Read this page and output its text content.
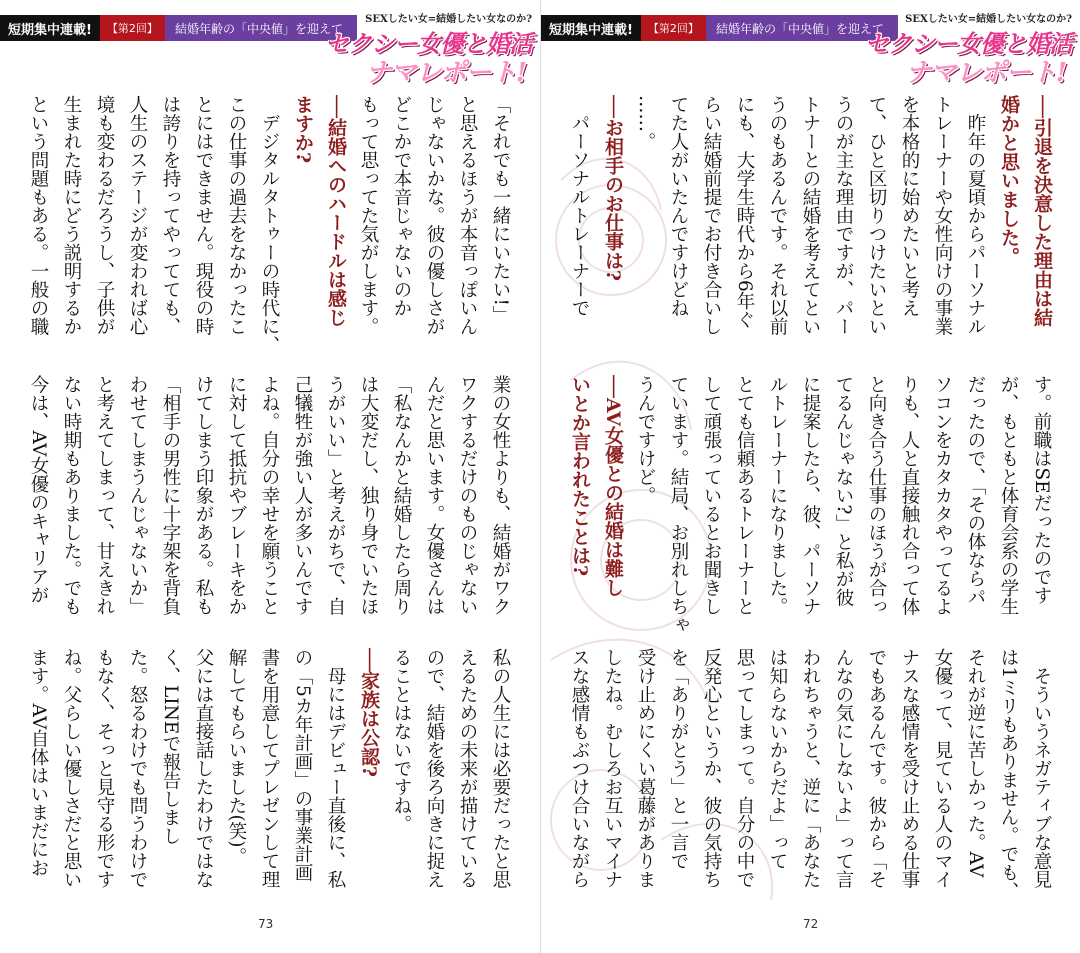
短期集中連載!	【第2回】	結婚年齢の「中央値」を迎えて
SEXしたい女=結婚したい女なのか?
セクシー女優と婚活
ナマレポート!
「それでも一緒にいたい!」
と思えるほうが本音っぽいん
じゃないかな。彼の優しさが
どこかで本音じゃないのか
もって思ってた気がします。
──結婚へのハードルは感じ
ますか?
　デジタルタトゥーの時代に、
この仕事の過去をなかったこ
とにはできません。現役の時
は誇りを持ってやってても、
人生のステージが変われば心
境も変わるだろうし、子供が
生まれた時にどう説明するか
という問題もある。一般の職
業の女性よりも、結婚がワク
ワクするだけのものじゃない
んだと思います。女優さんは
「私なんかと結婚したら周り
は大変だし、独り身でいたほ
うがいい」と考えがちで、自
己犠牲が強い人が多いんです
よね。自分の幸せを願うこと
に対して抵抗やブレーキをか
けてしまう印象がある。私も
「相手の男性に十字架を背負
わせてしまうんじゃないか」
と考えてしまって、甘えきれ
ない時期もありました。でも
今は、AV女優のキャリアが
私の人生には必要だったと思
えるための未来が描けている
ので、結婚を後ろ向きに捉え
ることはないですね。
──家族は公認?
　母にはデビュー直後に、私
の「5カ年計画」の事業計画
書を用意してプレゼンして理
解してもらいました(笑)。
父には直接話したわけではな
く、LINEで報告しまし
た。怒るわけでも問うわけで
もなく、そっと見守る形です
ね。父らしい優しさだと思い
ます。AV自体はいまだにお
73
短期集中連載!	【第2回】	結婚年齢の「中央値」を迎えて
SEXしたい女=結婚したい女なのか?
セクシー女優と婚活
ナマレポート!
──引退を決意した理由は結
婚かと思いました。
　昨年の夏頃からパーソナル
トレーナーや女性向けの事業
を本格的に始めたいと考え
て、ひと区切りつけたいとい
うのが主な理由ですが、パー
トナーとの結婚を考えてとい
うのもあるんです。それ以前
にも、大学生時代から6年ぐ
らい結婚前提でお付き合いし
てた人がいたんですけどね
……。
──お相手のお仕事は?
　パーソナルトレーナーで
す。前職はSEだったのです
が、もともと体育会系の学生
だったので、「その体ならパ
ソコンをカタカタやってるよ
りも、人と直接触れ合って体
と向き合う仕事のほうが合っ
てるんじゃない?」と私が彼
に提案したら、彼、パーソナ
ルトレーナーになりました。
とても信頼あるトレーナーと
して頑張っているとお聞きし
ています。結局、お別れしちゃ
うんですけど。
──AV女優との結婚は難し
いとか言われたことは?
　そういうネガティブな意見
は1ミリもありません。でも、
それが逆に苦しかった。AV
女優って、見ている人のマイ
ナスな感情を受け止める仕事
でもあるんです。彼から「そ
んなの気にしないよ」って言
われちゃうと、逆に「あなた
は知らないからだよ」って
思ってしまって。自分の中で
反発心というか、彼の気持ち
を「ありがとう」と一言で
受け止めにくい葛藤がありま
したね。むしろお互いマイナ
スな感情もぶつけ合いながら
72
